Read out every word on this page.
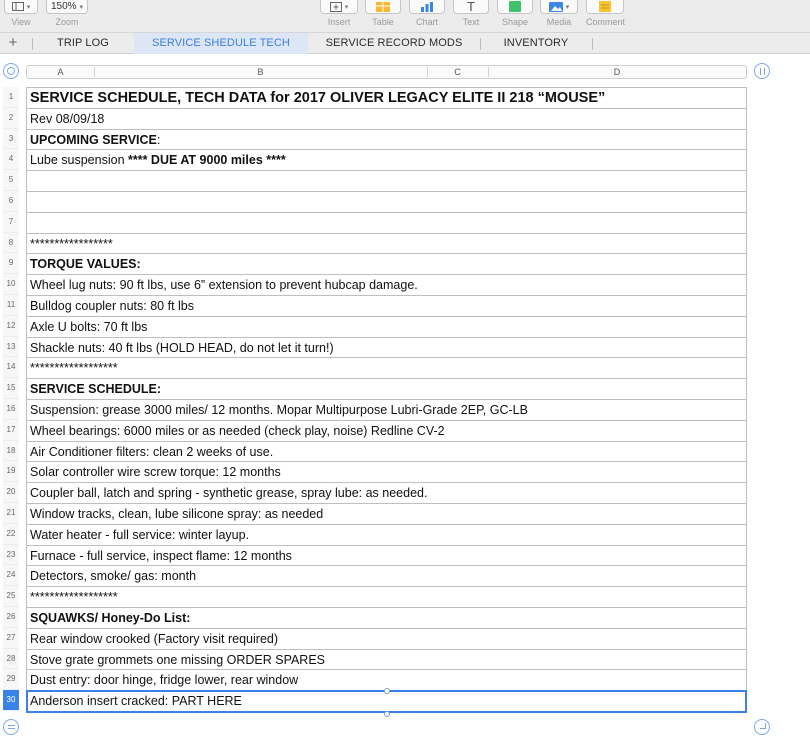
▾
View
150% ▾
Zoom
▾
Insert	Table	Chart
T
Text	Shape
▾
Media	Comment
+	TRIP LOG	SERVICE SHEDULE TECH	SERVICE RECORD MODS	INVENTORY
A	B	C	D
1
2
3
4
5
6
7
8
9
10
11
12
13
14
15
16
17
18
19
20
21
22
23
24
25
26
27
28
29
30
SERVICE SCHEDULE, TECH DATA for 2017 OLIVER LEGACY ELITE II 218 “MOUSE”
Rev 08/09/18
UPCOMING SERVICE:
Lube suspension **** DUE AT 9000 miles ****
*****************
TORQUE VALUES:
Wheel lug nuts: 90 ft lbs, use 6” extension to prevent hubcap damage.
Bulldog coupler nuts: 80 ft lbs
Axle U bolts: 70 ft lbs
Shackle nuts: 40 ft lbs (HOLD HEAD, do not let it turn!)
******************
SERVICE SCHEDULE:
Suspension: grease 3000 miles/ 12 months. Mopar Multipurpose Lubri-Grade 2EP, GC-LB
Wheel bearings: 6000 miles or as needed (check play, noise) Redline CV-2
Air Conditioner filters: clean 2 weeks of use.
Solar controller wire screw torque: 12 months
Coupler ball, latch and spring - synthetic grease, spray lube: as needed.
Window tracks, clean, lube silicone spray: as needed
Water heater - full service: winter layup.
Furnace - full service, inspect flame: 12 months
Detectors, smoke/ gas: month
******************
SQUAWKS/ Honey-Do List:
Rear window crooked (Factory visit required)
Stove grate grommets one missing ORDER SPARES
Dust entry: door hinge, fridge lower, rear window
Anderson insert cracked: PART HERE
